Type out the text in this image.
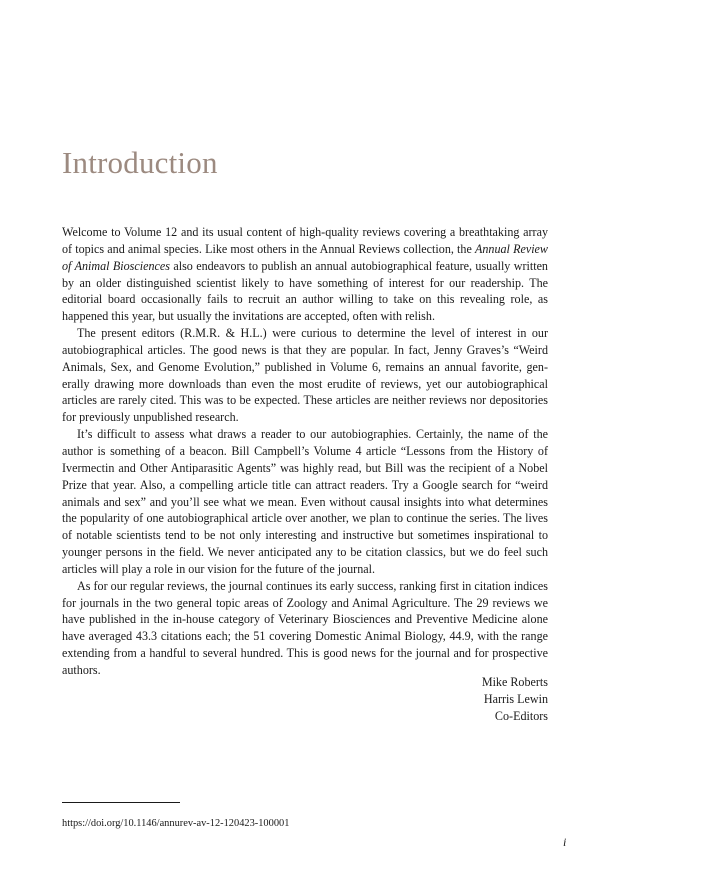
Introduction

Welcome to Volume 12 and its usual content of high-quality reviews covering a breathtaking array of topics and animal species. Like most others in the Annual Reviews collection, the Annual Review of Animal Biosciences also endeavors to publish an annual autobiographical feature, usually written by an older distinguished scientist likely to have something of interest for our readership. The editorial board occasionally fails to recruit an author willing to take on this revealing role, as happened this year, but usually the invitations are accepted, often with relish.

The present editors (R.M.R. & H.L.) were curious to determine the level of interest in our autobiographical articles. The good news is that they are popular. In fact, Jenny Graves’s “Weird Animals, Sex, and Genome Evolution,” published in Volume 6, remains an annual favorite, gen-erally drawing more downloads than even the most erudite of reviews, yet our autobiographical articles are rarely cited. This was to be expected. These articles are neither reviews nor depositories for previously unpublished research.

It’s difficult to assess what draws a reader to our autobiographies. Certainly, the name of the author is something of a beacon. Bill Campbell’s Volume 4 article “Lessons from the History of Ivermectin and Other Antiparasitic Agents” was highly read, but Bill was the recipient of a Nobel Prize that year. Also, a compelling article title can attract readers. Try a Google search for “weird animals and sex” and you’ll see what we mean. Even without causal insights into what determines the popularity of one autobiographical article over another, we plan to continue the series. The lives of notable scientists tend to be not only interesting and instructive but sometimes inspirational to younger persons in the field. We never anticipated any to be citation classics, but we do feel such articles will play a role in our vision for the future of the journal.

As for our regular reviews, the journal continues its early success, ranking first in citation indices for journals in the two general topic areas of Zoology and Animal Agriculture. The 29 reviews we have published in the in-house category of Veterinary Biosciences and Preventive Medicine alone have averaged 43.3 citations each; the 51 covering Domestic Animal Biology, 44.9, with the range extending from a handful to several hundred. This is good news for the journal and for prospective authors.

Mike Roberts
Harris Lewin
Co-Editors
https://doi.org/10.1146/annurev-av-12-120423-100001
i
